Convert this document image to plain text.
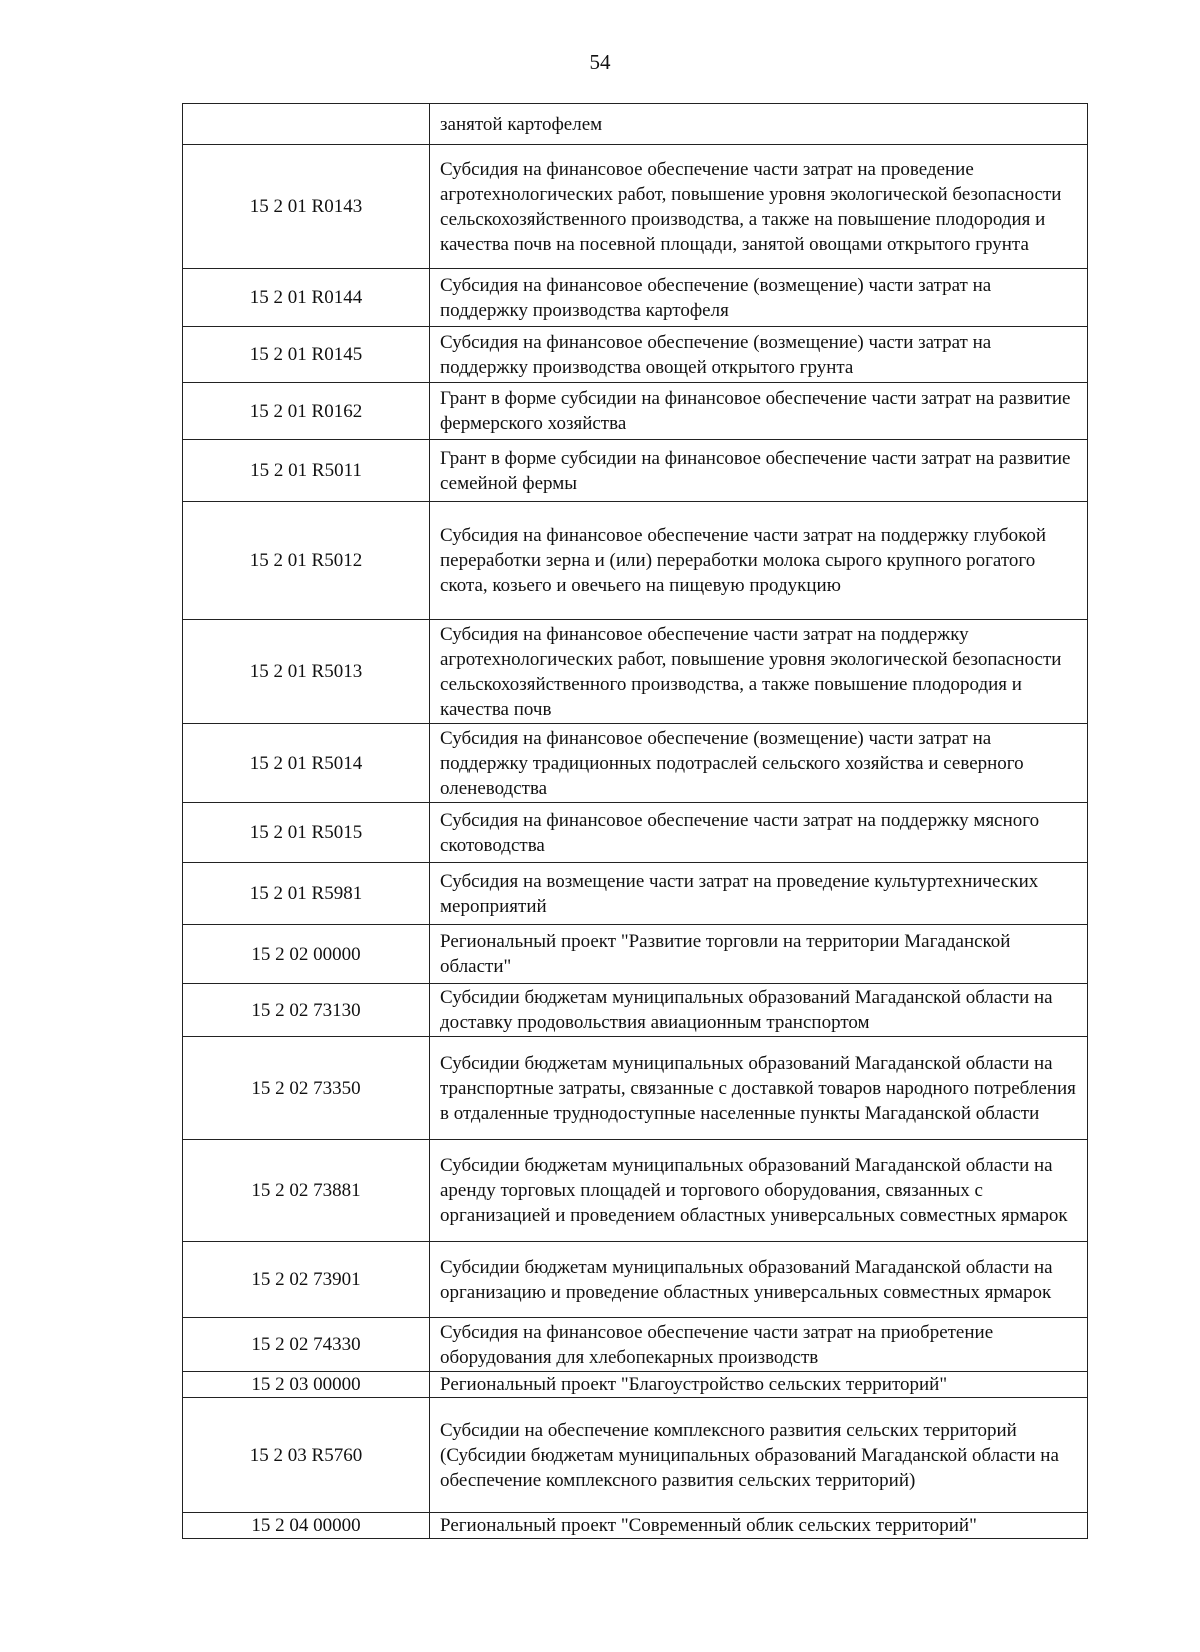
54
	занятой картофелем
15 2 01 R0143	Субсидия на финансовое обеспечение части затрат на проведение агротехнологических работ, повышение уровня экологической безопасности сельскохозяйственного производства, а также на повышение плодородия и качества почв на посевной площади, занятой овощами открытого грунта
15 2 01 R0144	Субсидия на финансовое обеспечение (возмещение) части затрат на поддержку производства картофеля
15 2 01 R0145	Субсидия на финансовое обеспечение (возмещение) части затрат на поддержку производства овощей открытого грунта
15 2 01 R0162	Грант в форме субсидии на финансовое обеспечение части затрат на развитие фермерского хозяйства
15 2 01 R5011	Грант в форме субсидии на финансовое обеспечение части затрат на развитие семейной фермы
15 2 01 R5012	Субсидия на финансовое обеспечение части затрат на поддержку глубокой переработки зерна и (или) переработки молока сырого крупного рогатого скота, козьего и овечьего на пищевую продукцию
15 2 01 R5013	Субсидия на финансовое обеспечение части затрат на поддержку агротехнологических работ, повышение уровня экологической безопасности сельскохозяйственного производства, а также повышение плодородия и качества почв
15 2 01 R5014	Субсидия на финансовое обеспечение (возмещение) части затрат на поддержку традиционных подотраслей сельского хозяйства и северного оленеводства
15 2 01 R5015	Субсидия на финансовое обеспечение части затрат на поддержку мясного скотоводства
15 2 01 R5981	Субсидия на возмещение части затрат на проведение культуртехнических мероприятий
15 2 02 00000	Региональный проект "Развитие торговли на территории Магаданской области"
15 2 02 73130	Субсидии бюджетам муниципальных образований Магаданской области на доставку продовольствия авиационным транспортом
15 2 02 73350	Субсидии бюджетам муниципальных образований Магаданской области на транспортные затраты, связанные с доставкой товаров народного потребления в отдаленные труднодоступные населенные пункты Магаданской области
15 2 02 73881	Субсидии бюджетам муниципальных образований Магаданской области на аренду торговых площадей и торгового оборудования, связанных с организацией и проведением областных универсальных совместных ярмарок
15 2 02 73901	Субсидии бюджетам муниципальных образований Магаданской области на организацию и проведение областных универсальных совместных ярмарок
15 2 02 74330	Субсидия на финансовое обеспечение части затрат на приобретение оборудования для хлебопекарных производств
15 2 03 00000	Региональный проект "Благоустройство сельских территорий"
15 2 03 R5760	Субсидии на обеспечение комплексного развития сельских территорий (Субсидии бюджетам муниципальных образований Магаданской области на обеспечение комплексного развития сельских территорий)
15 2 04 00000	Региональный проект "Современный облик сельских территорий"
